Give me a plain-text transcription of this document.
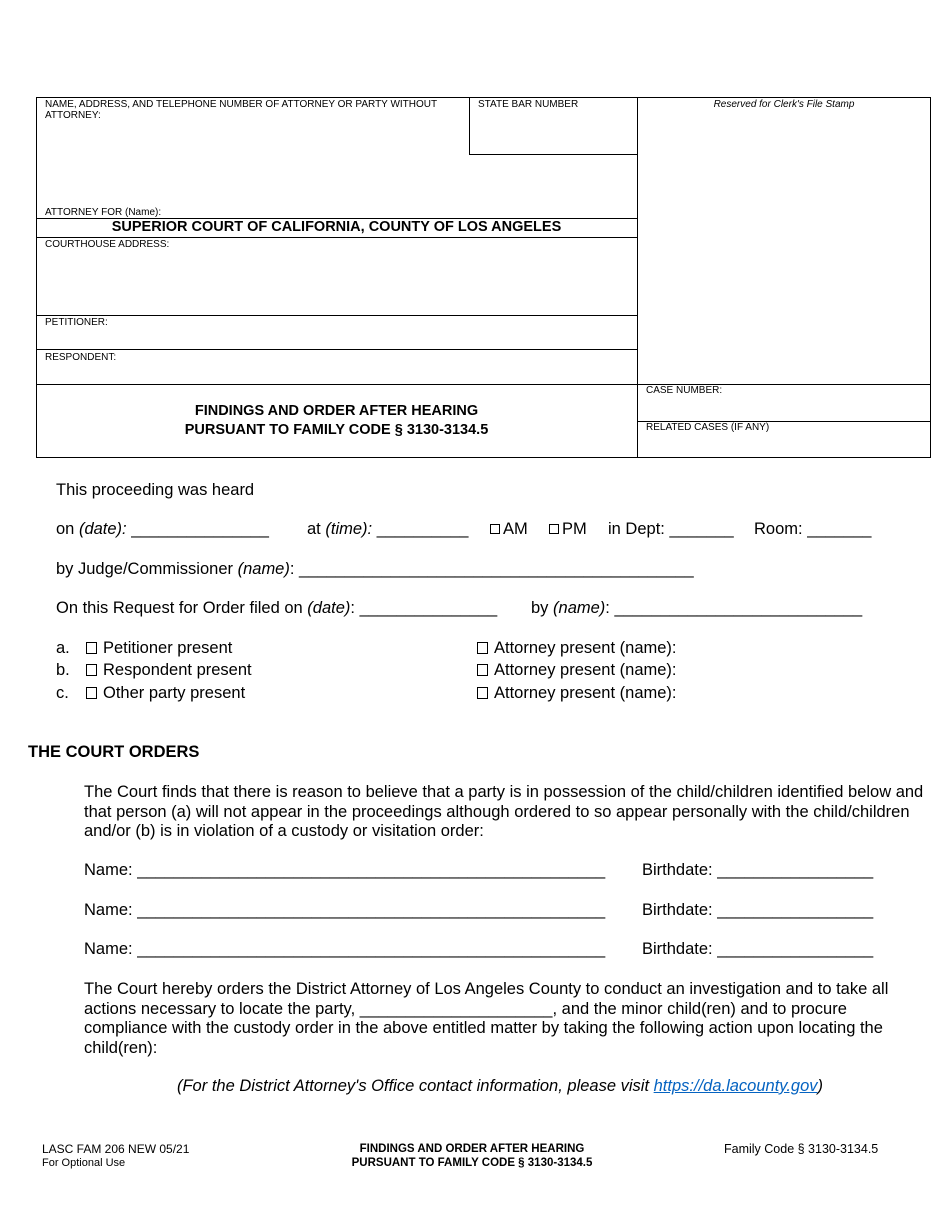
NAME, ADDRESS, AND TELEPHONE NUMBER OF ATTORNEY OR PARTY WITHOUT ATTORNEY:
STATE BAR NUMBER	Reserved for Clerk's File Stamp
ATTORNEY FOR (Name):
SUPERIOR COURT OF CALIFORNIA, COUNTY OF LOS ANGELES
COURTHOUSE ADDRESS:
PETITIONER:
RESPONDENT:
FINDINGS AND ORDER AFTER HEARING
PURSUANT TO FAMILY CODE § 3130-3134.5
CASE NUMBER:
RELATED CASES (IF ANY)
This proceeding was heard
on (date): _______________ at (time): __________	AM	PM in Dept: _______ Room: _______
by Judge/Commissioner (name): ___________________________________________
On this Request for Order filed on (date): _______________ by (name): ___________________________
a. Petitioner present	Attorney present (name):
b. Respondent present	Attorney present (name):
c. Other party present	Attorney present (name):
THE COURT ORDERS
The Court finds that there is reason to believe that a party is in possession of the child/children identified below and that person (a) will not appear in the proceedings although ordered to so appear personally with the child/children and/or (b) is in violation of a custody or visitation order:
Name: ___________________________________________________ Birthdate: _________________
Name: ___________________________________________________ Birthdate: _________________
Name: ___________________________________________________ Birthdate: _________________
The Court hereby orders the District Attorney of Los Angeles County to conduct an investigation and to take all actions necessary to locate the party, _____________________, and the minor child(ren) and to procure compliance with the custody order in the above entitled matter by taking the following action upon locating the child(ren):
(For the District Attorney's Office contact information, please visit https://da.lacounty.gov)
LASC FAM 206 NEW 05/21
For Optional Use
FINDINGS AND ORDER AFTER HEARING
PURSUANT TO FAMILY CODE § 3130-3134.5
Family Code § 3130-3134.5
